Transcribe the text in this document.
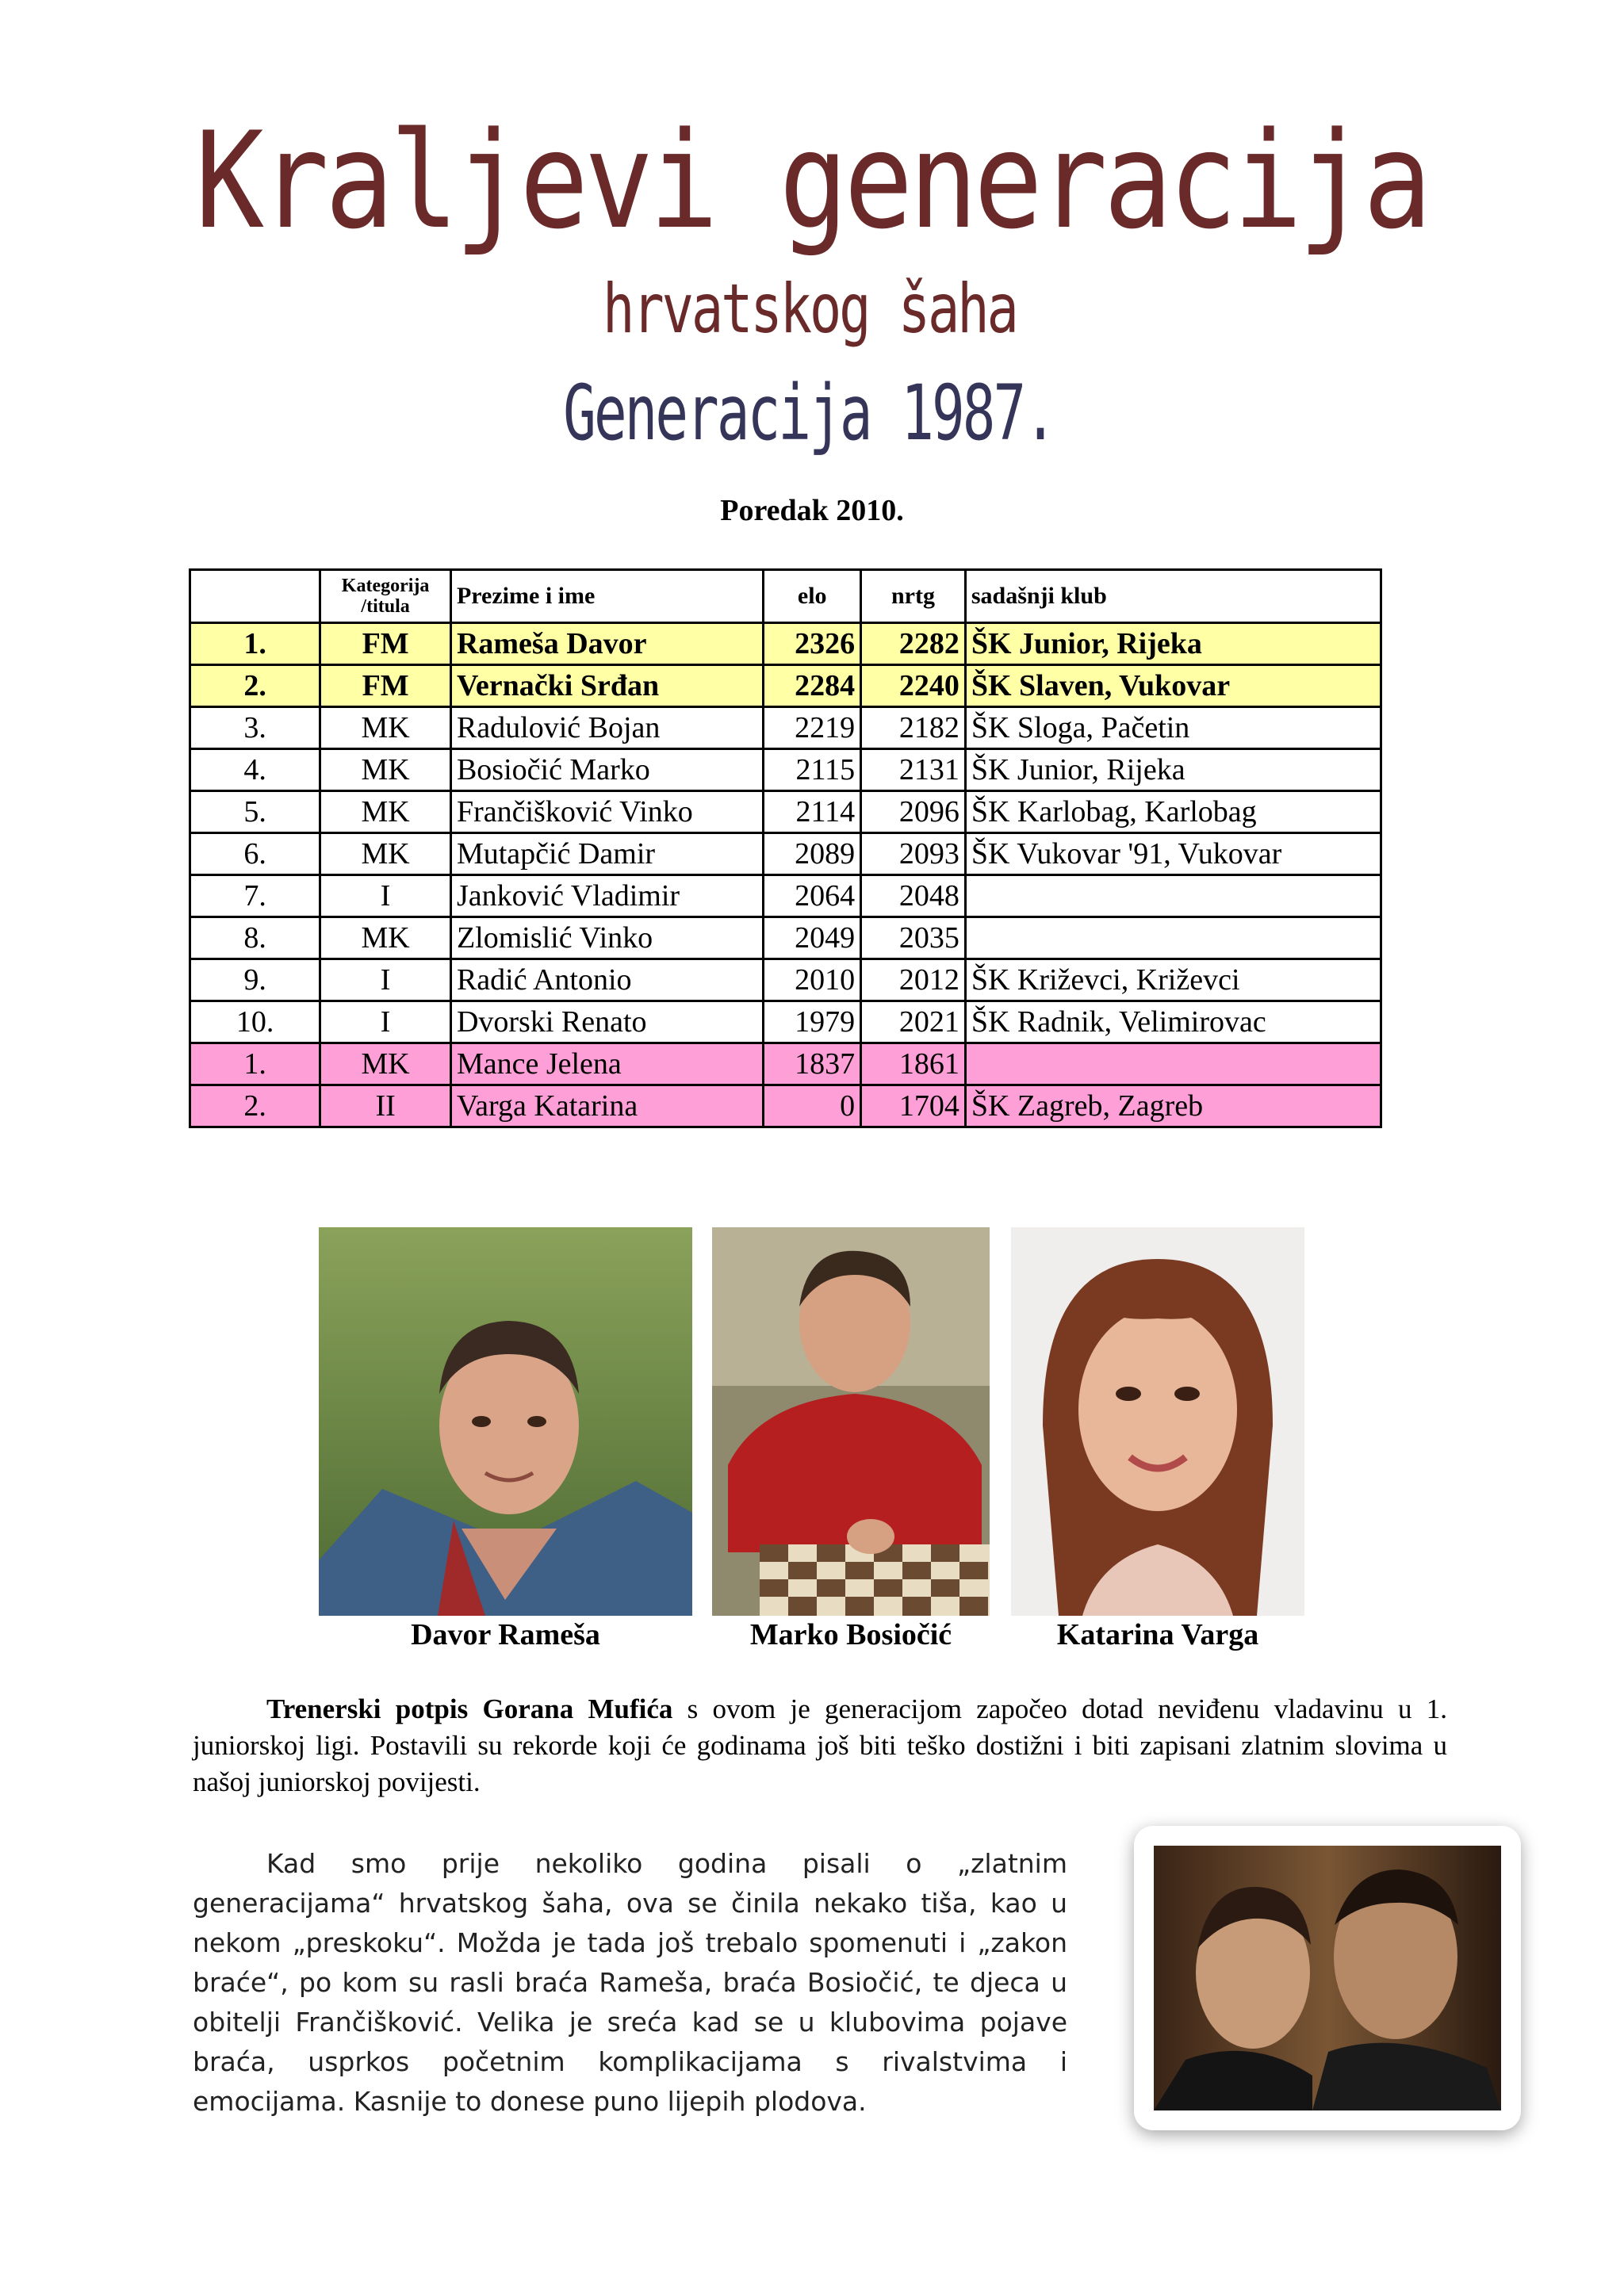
Kraljevi generacija
hrvatskog šaha
Generacija 1987.
Poredak 2010.
	Kategorija
/titula	Prezime i ime	elo	nrtg	sadašnji klub
1.	FM	Rameša Davor	2326	2282	ŠK Junior, Rijeka
2.	FM	Vernački Srđan	2284	2240	ŠK Slaven, Vukovar
3.	MK	Radulović Bojan	2219	2182	ŠK Sloga, Pačetin
4.	MK	Bosiočić Marko	2115	2131	ŠK Junior, Rijeka
5.	MK	Frančišković Vinko	2114	2096	ŠK Karlobag, Karlobag
6.	MK	Mutapčić Damir	2089	2093	ŠK Vukovar '91, Vukovar
7.	I	Janković Vladimir	2064	2048	
8.	MK	Zlomislić Vinko	2049	2035	
9.	I	Radić Antonio	2010	2012	ŠK Križevci, Križevci
10.	I	Dvorski Renato	1979	2021	ŠK Radnik, Velimirovac
1.	MK	Mance Jelena	1837	1861	
2.	II	Varga Katarina	0	1704	ŠK Zagreb, Zagreb
Davor Rameša	Marko Bosiočić	Katarina Varga
Trenerski potpis Gorana Mufića s ovom je generacijom započeo dotad neviđenu vladavinu u 1. juniorskoj ligi. Postavili su rekorde koji će godinama još biti teško dostižni i biti zapisani zlatnim slovima u našoj juniorskoj povijesti.
Kad smo prije nekoliko godina pisali o „zlatnim generacijama“ hrvatskog šaha, ova se činila nekako tiša, kao u nekom „preskoku“. Možda je tada još trebalo spomenuti i „zakon braće“, po kom su rasli braća Rameša, braća Bosiočić, te djeca u obitelji Frančišković. Velika je sreća kad se u klubovima pojave braća, usprkos početnim komplikacijama s rivalstvima i emocijama. Kasnije to donese puno lijepih plodova.
